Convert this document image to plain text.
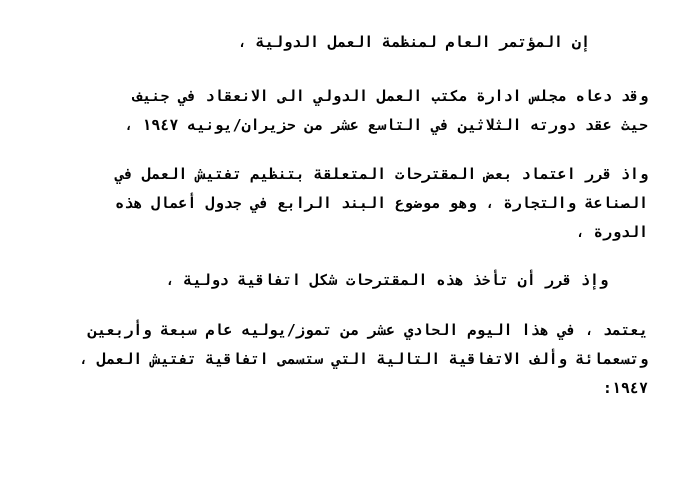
إن المؤتمر العام لمنظمة العمل الدولية ،
وقد دعاه مجلس ادارة مكتب العمل الدولي الى الانعقاد في جنيف
حيث عقد دورته الثلاثين في التاسع عشر من حزيران/يونيه ١٩٤٧ ،
واذ قرر اعتماد بعض المقترحات المتعلقة بتنظيم تفتيش العمل في
الصناعة والتجارة ، وهو موضوع البند الرابع في جدول أعمال هذه
الدورة ،
وإذ قرر أن تأخذ هذه المقترحات شكل اتفاقية دولية ،
يعتمد ، في هذا اليوم الحادي عشر من تموز/يوليه عام سبعة وأربعين
وتسعمائة وألف الاتفاقية التالية التي ستسمى اتفاقية تفتيش العمل ،
١٩٤٧:
